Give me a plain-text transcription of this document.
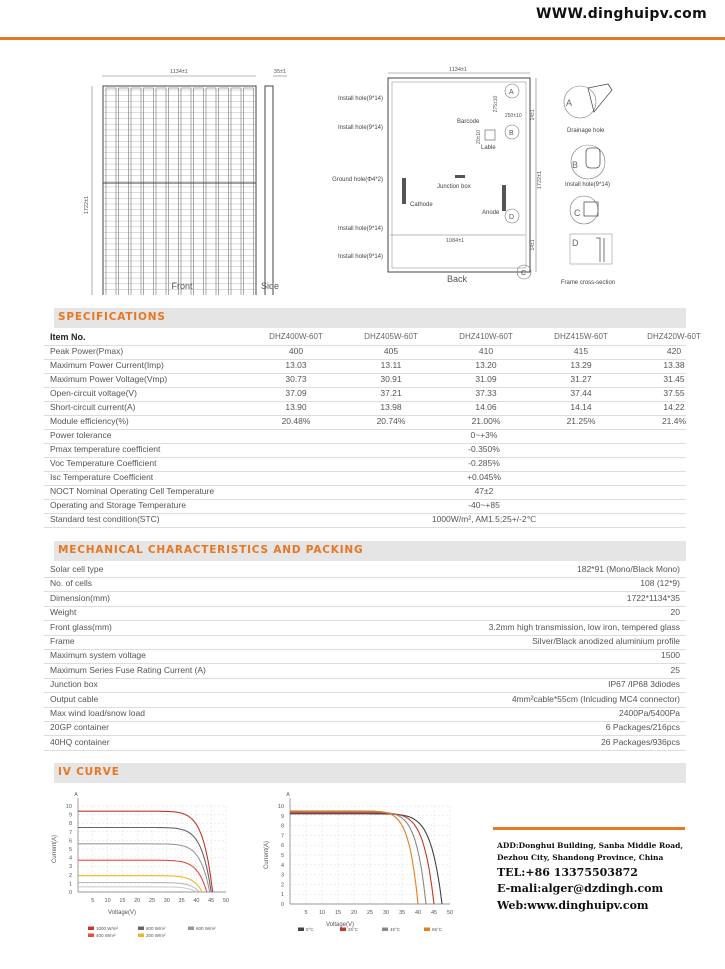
WWW.dinghuipv.com
1134±1
1722±1
Front
35±1
Side
1134±1
1084±1
1722±1
275±10
250±10
20±10
14±1
14±1
Install hole(9*14)
Install hole(9*14)
Ground hole(Φ4*2)
Install hole(9*14)
Install hole(9*14)
Barcode
Lable
Junction box
Cathode
Anode
A
B
D
C
Back
A
Drainage hole
B
Install hole(9*14)
C
D
Frame cross-section
SPECIFICATIONS
Item No.	DHZ400W-60T	DHZ405W-60T	DHZ410W-60T	DHZ415W-60T	DHZ420W-60T
Peak Power(Pmax)	400	405	410	415	420
Maximum Power Current(Imp)	13.03	13.11	13.20	13.29	13.38
Maximum Power Voltage(Vmp)	30.73	30.91	31.09	31.27	31.45
Open-circuit voltage(V)	37.09	37.21	37.33	37.44	37.55
Short-circuit current(A)	13.90	13.98	14.06	14.14	14.22
Module efficiency(%)	20.48%	20.74%	21.00%	21.25%	21.4%
Power tolerance	0~+3%
Pmax temperature coefficient	-0.350%
Voc Temperature Coefficient	-0.285%
Isc Temperature Coefficient	+0.045%
NOCT Nominal Operating Cell Temperature	47±2
Operating and Storage Temperature	-40~+85
Standard test condition(STC)	1000W/m², AM1.5;25+/-2℃
MECHANICAL CHARACTERISTICS AND PACKING
Solar cell type	182*91 (Mono/Black Mono)
No. of cells	108 (12*9)
Dimension(mm)	1722*1134*35
Weight	20
Front glass(mm)	3.2mm high transmission, low iron, tempered glass
Frame	Silver/Black anodized aluminium profile
Maximum system voltage	1500
Maximum Series Fuse Rating Current (A)	25
Junction box	IP67 /IP68 3diodes
Output cable	4mm²cable*55cm (Inlcuding MC4 connector)
Max wind load/snow load	2400Pa/5400Pa
20GP container	6 Packages/216pcs
40HQ container	26 Packages/936pcs
IV CURVE
A
0
1
2
3
4
5
6
7
8
9
10
5 10 15 20 25 30 35 40 45 50
Current(A)
Voltage(V)
1000 W/m²	800 W/m²	600 W/m²
400 W/m²	200 W/m²
A
0
1
2
3
4
5
6
7
8
9
10
5 10 15 20 25 30 35 40 45 50
Current(A)
Voltage(V)
5°C	25°C	45°C	65°C
ADD:Donghui Building, Sanba Middle Road,
Dezhou City, Shandong Province, China
TEL:+86 13375503872
E-mali:alger@dzdingh.com
Web:www.dinghuipv.com
